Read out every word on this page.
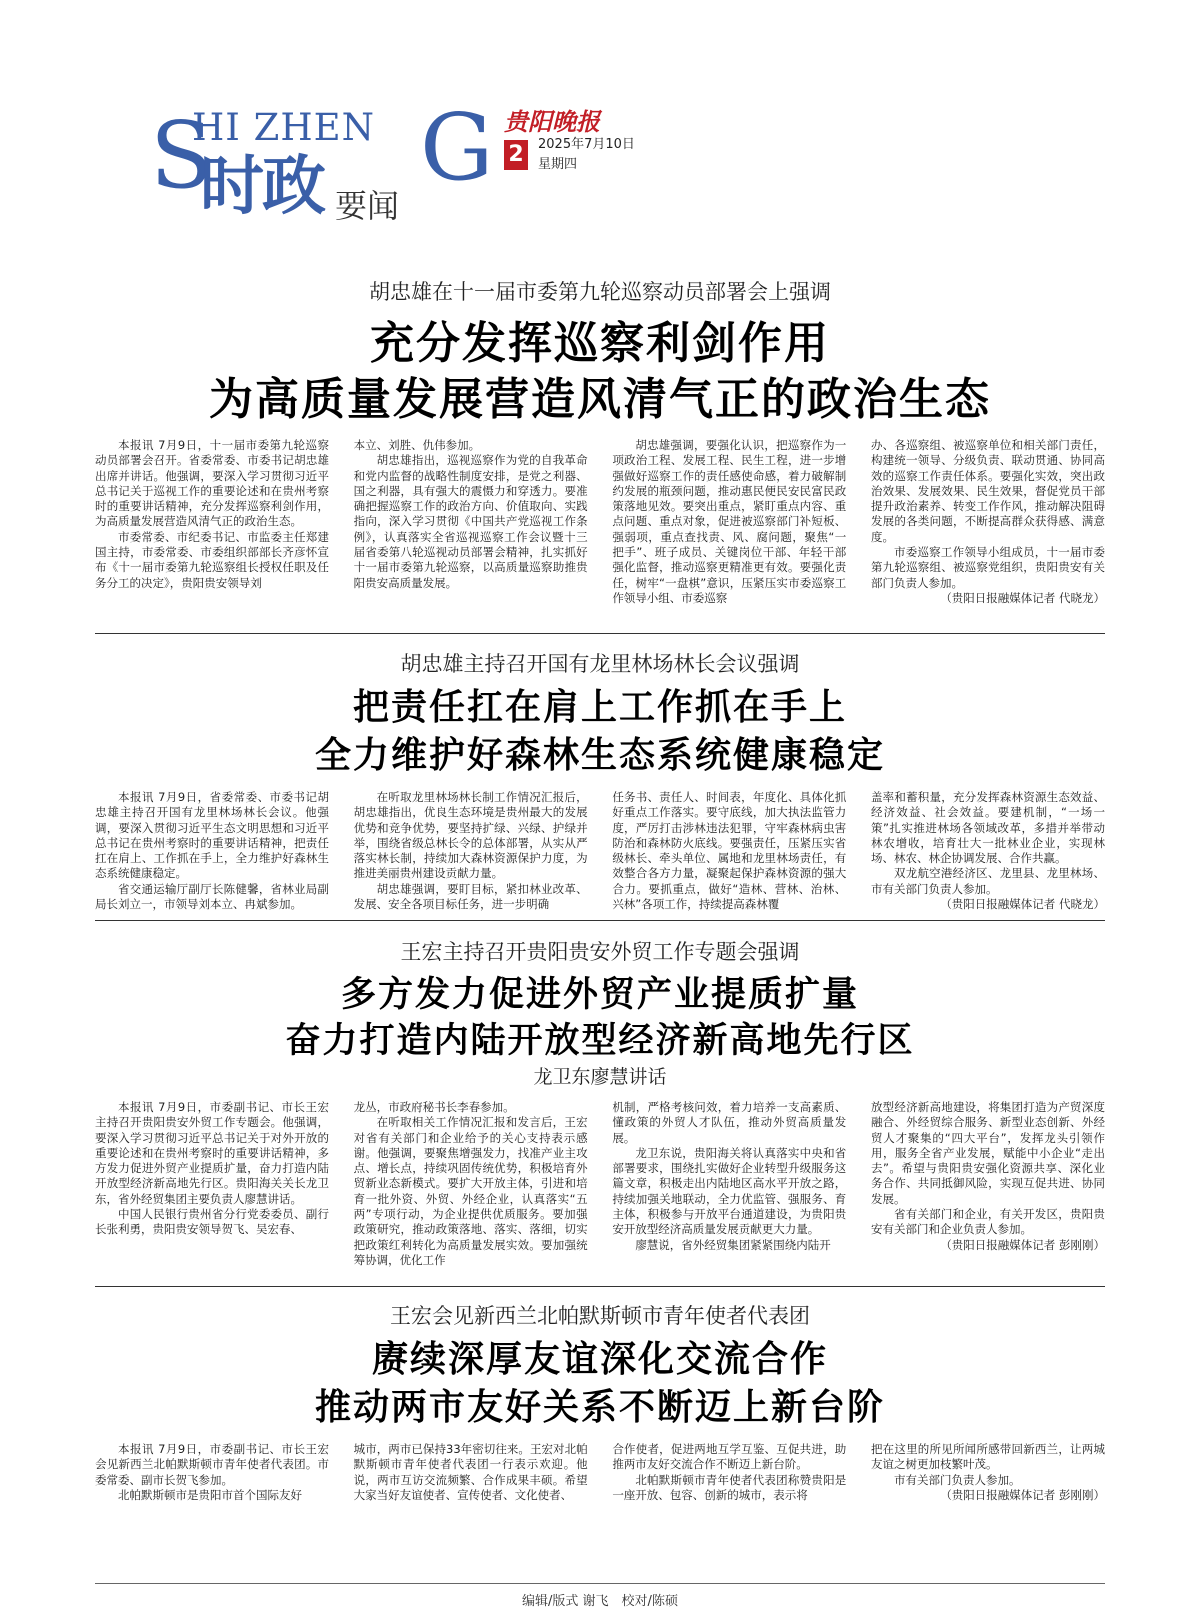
S
HI ZHEN G
时政 要闻
贵阳晚报
2	2025年7月10日
星期四
胡忠雄在十一届市委第九轮巡察动员部署会上强调
充分发挥巡察利剑作用
为高质量发展营造风清气正的政治生态

本报讯 7月9日，十一届市委第九轮巡察动员部署会召开。省委常委、市委书记胡忠雄出席并讲话。他强调，要深入学习贯彻习近平总书记关于巡视工作的重要论述和在贵州考察时的重要讲话精神，充分发挥巡察利剑作用，为高质量发展营造风清气正的政治生态。

市委常委、市纪委书记、市监委主任郑建国主持，市委常委、市委组织部部长齐彦怀宣布《十一届市委第九轮巡察组长授权任职及任务分工的决定》，贵阳贵安领导刘

本立、刘胜、仇伟参加。

胡忠雄指出，巡视巡察作为党的自我革命和党内监督的战略性制度安排，是党之利器、国之利器，具有强大的震慑力和穿透力。要准确把握巡察工作的政治方向、价值取向、实践指向，深入学习贯彻《中国共产党巡视工作条例》，认真落实全省巡视巡察工作会议暨十三届省委第八轮巡视动员部署会精神，扎实抓好十一届市委第九轮巡察，以高质量巡察助推贵阳贵安高质量发展。

胡忠雄强调，要强化认识，把巡察作为一项政治工程、发展工程、民生工程，进一步增强做好巡察工作的责任感使命感，着力破解制约发展的瓶颈问题，推动惠民便民安民富民政策落地见效。要突出重点，紧盯重点内容、重点问题、重点对象，促进被巡察部门补短板、强弱项，重点查找责、风、腐问题，聚焦“一把手”、班子成员、关键岗位干部、年轻干部强化监督，推动巡察更精准更有效。要强化责任，树牢“一盘棋”意识，压紧压实市委巡察工作领导小组、市委巡察

办、各巡察组、被巡察单位和相关部门责任，构建统一领导、分级负责、联动贯通、协同高效的巡察工作责任体系。要强化实效，突出政治效果、发展效果、民生效果，督促党员干部提升政治素养、转变工作作风，推动解决阻碍发展的各类问题，不断提高群众获得感、满意度。

市委巡察工作领导小组成员，十一届市委第九轮巡察组、被巡察党组织，贵阳贵安有关部门负责人参加。

（贵阳日报融媒体记者 代晓龙）

胡忠雄主持召开国有龙里林场林长会议强调
把责任扛在肩上工作抓在手上
全力维护好森林生态系统健康稳定

本报讯 7月9日，省委常委、市委书记胡忠雄主持召开国有龙里林场林长会议。他强调，要深入贯彻习近平生态文明思想和习近平总书记在贵州考察时的重要讲话精神，把责任扛在肩上、工作抓在手上，全力维护好森林生态系统健康稳定。

省交通运输厅副厅长陈健馨，省林业局副局长刘立一，市领导刘本立、冉斌参加。

在听取龙里林场林长制工作情况汇报后，胡忠雄指出，优良生态环境是贵州最大的发展优势和竞争优势，要坚持扩绿、兴绿、护绿并举，围绕省级总林长令的总体部署，从实从严落实林长制，持续加大森林资源保护力度，为推进美丽贵州建设贡献力量。

胡忠雄强调，要盯目标，紧扣林业改革、发展、安全各项目标任务，进一步明确

任务书、责任人、时间表，年度化、具体化抓好重点工作落实。要守底线，加大执法监管力度，严厉打击涉林违法犯罪，守牢森林病虫害防治和森林防火底线。要强责任，压紧压实省级林长、牵头单位、属地和龙里林场责任，有效整合各方力量，凝聚起保护森林资源的强大合力。要抓重点，做好“造林、营林、治林、兴林”各项工作，持续提高森林覆

盖率和蓄积量，充分发挥森林资源生态效益、经济效益、社会效益。要建机制，“一场一策”扎实推进林场各领域改革，多措并举带动林农增收，培育壮大一批林业企业，实现林场、林农、林企协调发展、合作共赢。

双龙航空港经济区、龙里县、龙里林场、市有关部门负责人参加。

（贵阳日报融媒体记者 代晓龙）

王宏主持召开贵阳贵安外贸工作专题会强调
多方发力促进外贸产业提质扩量
奋力打造内陆开放型经济新高地先行区
龙卫东廖慧讲话

本报讯 7月9日，市委副书记、市长王宏主持召开贵阳贵安外贸工作专题会。他强调，要深入学习贯彻习近平总书记关于对外开放的重要论述和在贵州考察时的重要讲话精神，多方发力促进外贸产业提质扩量，奋力打造内陆开放型经济新高地先行区。贵阳海关关长龙卫东，省外经贸集团主要负责人廖慧讲话。

中国人民银行贵州省分行党委委员、副行长张利勇，贵阳贵安领导贺飞、吴宏春、

龙丛，市政府秘书长李春参加。

在听取相关工作情况汇报和发言后，王宏对省有关部门和企业给予的关心支持表示感谢。他强调，要聚焦增强发力，找准产业主攻点、增长点，持续巩固传统优势，积极培育外贸新业态新模式。要扩大开放主体，引进和培育一批外资、外贸、外经企业，认真落实“五两”专项行动，为企业提供优质服务。要加强政策研究，推动政策落地、落实、落细，切实把政策红利转化为高质量发展实效。要加强统筹协调，优化工作

机制，严格考核问效，着力培养一支高素质、懂政策的外贸人才队伍，推动外贸高质量发展。

龙卫东说，贵阳海关将认真落实中央和省部署要求，围绕扎实做好企业转型升级服务这篇文章，积极走出内陆地区高水平开放之路，持续加强关地联动，全力优监管、强服务、育主体，积极参与开放平台通道建设，为贵阳贵安开放型经济高质量发展贡献更大力量。

廖慧说，省外经贸集团紧紧围绕内陆开

放型经济新高地建设，将集团打造为产贸深度融合、外经贸综合服务、新型业态创新、外经贸人才聚集的“四大平台”，发挥龙头引领作用，服务全省产业发展，赋能中小企业“走出去”。希望与贵阳贵安强化资源共享、深化业务合作、共同抵御风险，实现互促共进、协同发展。

省有关部门和企业，有关开发区，贵阳贵安有关部门和企业负责人参加。

（贵阳日报融媒体记者 彭刚刚）

王宏会见新西兰北帕默斯顿市青年使者代表团
赓续深厚友谊深化交流合作
推动两市友好关系不断迈上新台阶

本报讯 7月9日，市委副书记、市长王宏会见新西兰北帕默斯顿市青年使者代表团。市委常委、副市长贺飞参加。

北帕默斯顿市是贵阳市首个国际友好

城市，两市已保持33年密切往来。王宏对北帕默斯顿市青年使者代表团一行表示欢迎。他说，两市互访交流频繁、合作成果丰硕。希望大家当好友谊使者、宣传使者、文化使者、

合作使者，促进两地互学互鉴、互促共进，助推两市友好交流合作不断迈上新台阶。

北帕默斯顿市青年使者代表团称赞贵阳是一座开放、包容、创新的城市，表示将

把在这里的所见所闻所感带回新西兰，让两城友谊之树更加枝繁叶茂。

市有关部门负责人参加。

（贵阳日报融媒体记者 彭刚刚）

编辑/版式 谢飞　校对/陈硕
